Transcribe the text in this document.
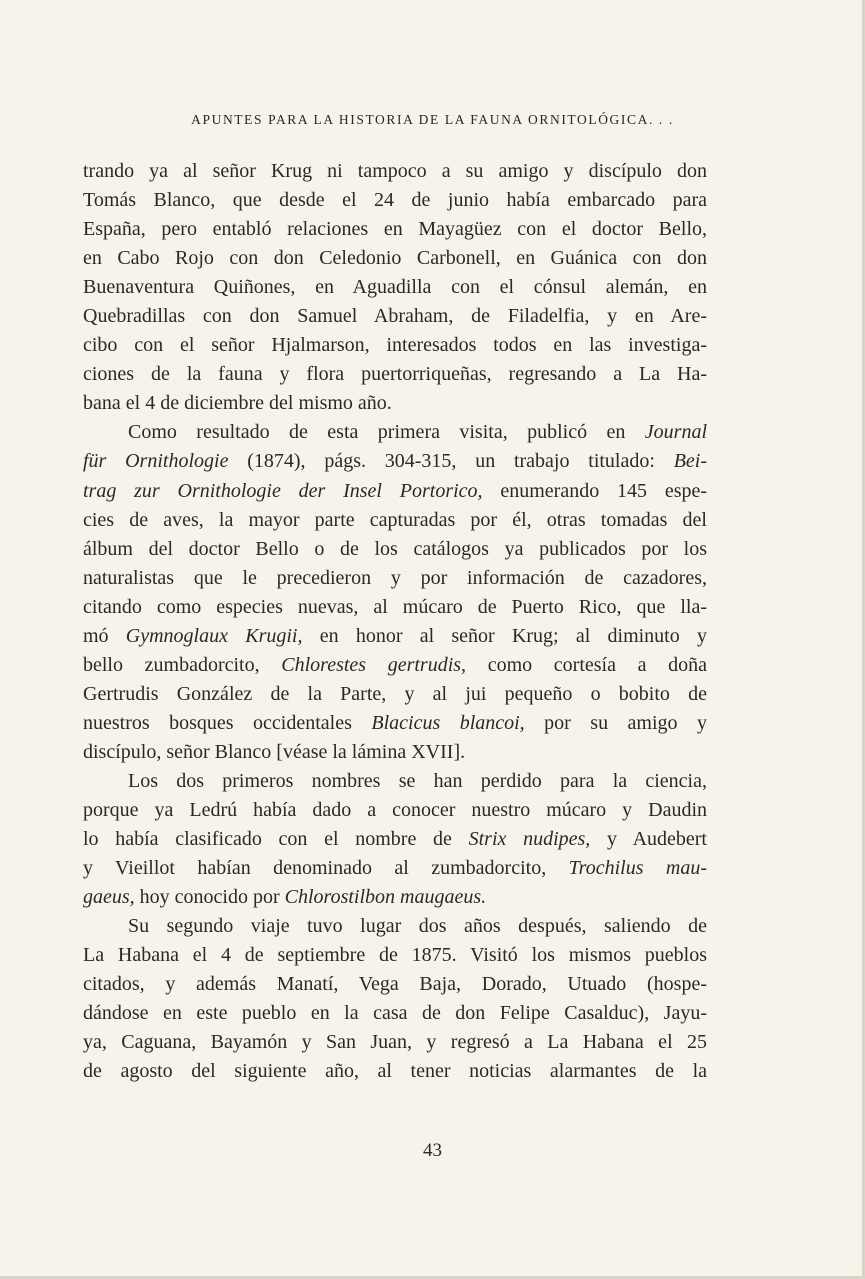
APUNTES PARA LA HISTORIA DE LA FAUNA ORNITOLÓGICA. . .
trando ya al señor Krug ni tampoco a su amigo y discípulo don
Tomás Blanco, que desde el 24 de junio había embarcado para
España, pero entabló relaciones en Mayagüez con el doctor Bello,
en Cabo Rojo con don Celedonio Carbonell, en Guánica con don
Buenaventura Quiñones, en Aguadilla con el cónsul alemán, en
Quebradillas con don Samuel Abraham, de Filadelfia, y en Are-
cibo con el señor Hjalmarson, interesados todos en las investiga-
ciones de la fauna y flora puertorriqueñas, regresando a La Ha-
bana el 4 de diciembre del mismo año.
Como resultado de esta primera visita, publicó en Journal
für Ornithologie (1874), págs. 304-315, un trabajo titulado: Bei-
trag zur Ornithologie der Insel Portorico, enumerando 145 espe-
cies de aves, la mayor parte capturadas por él, otras tomadas del
álbum del doctor Bello o de los catálogos ya publicados por los
naturalistas que le precedieron y por información de cazadores,
citando como especies nuevas, al múcaro de Puerto Rico, que lla-
mó Gymnoglaux Krugii, en honor al señor Krug; al diminuto y
bello zumbadorcito, Chlorestes gertrudis, como cortesía a doña
Gertrudis González de la Parte, y al jui pequeño o bobito de
nuestros bosques occidentales Blacicus blancoi, por su amigo y
discípulo, señor Blanco [véase la lámina XVII].
Los dos primeros nombres se han perdido para la ciencia,
porque ya Ledrú había dado a conocer nuestro múcaro y Daudin
lo había clasificado con el nombre de Strix nudipes, y Audebert
y Vieillot habían denominado al zumbadorcito, Trochilus mau-
gaeus, hoy conocido por Chlorostilbon maugaeus.
Su segundo viaje tuvo lugar dos años después, saliendo de
La Habana el 4 de septiembre de 1875. Visitó los mismos pueblos
citados, y además Manatí, Vega Baja, Dorado, Utuado (hospe-
dándose en este pueblo en la casa de don Felipe Casalduc), Jayu-
ya, Caguana, Bayamón y San Juan, y regresó a La Habana el 25
de agosto del siguiente año, al tener noticias alarmantes de la
43
